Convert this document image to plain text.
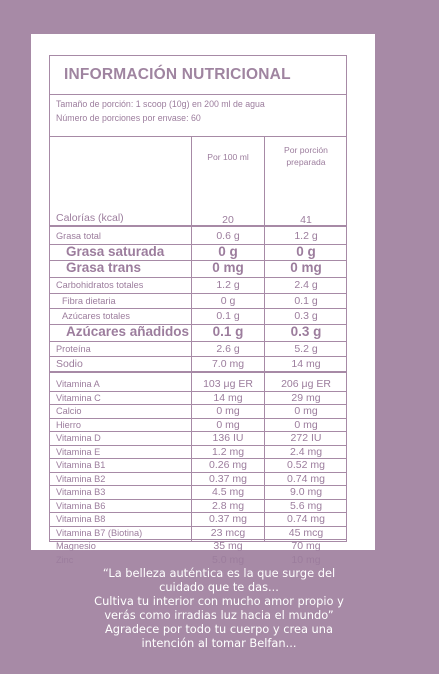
INFORMACIÓN NUTRICIONAL
Tamaño de porción: 1 scoop (10g) en 200 ml de agua
Número de porciones por envase: 60
Por 100 ml
Por porción
preparada
Calorías (kcal)	20	41
Grasa total	0.6 g	1.2 g
Grasa saturada	0 g	0 g
Grasa trans	0 mg	0 mg
Carbohidratos totales	1.2 g	2.4 g
Fibra dietaria	0 g	0.1 g
Azúcares totales	0.1 g	0.3 g
Azúcares añadidos	0.1 g	0.3 g
Proteína	2.6 g	5.2 g
Sodio	7.0 mg	14 mg
Vitamina A	103 μg ER	206 μg ER
Vitamina C	14 mg	29 mg
Calcio	0 mg	0 mg
Hierro	0 mg	0 mg
Vitamina D	136 IU	272 IU
Vitamina E	1.2 mg	2.4 mg
Vitamina B1	0.26 mg	0.52 mg
Vitamina B2	0.37 mg	0.74 mg
Vitamina B3	4.5 mg	9.0 mg
Vitamina B6	2.8 mg	5.6 mg
Vitamina B8	0.37 mg	0.74 mg
Vitamina B7 (Biotina)	23 mcg	45 mcg
Magnesio	35 mg	70 mg
Zinc	5.0 mg	10 mg
“La belleza auténtica es la que surge del
cuidado que te das...
Cultiva tu interior con mucho amor propio y
verás como irradias luz hacia el mundo”
Agradece por todo tu cuerpo y crea una
intención al tomar Belfan...
